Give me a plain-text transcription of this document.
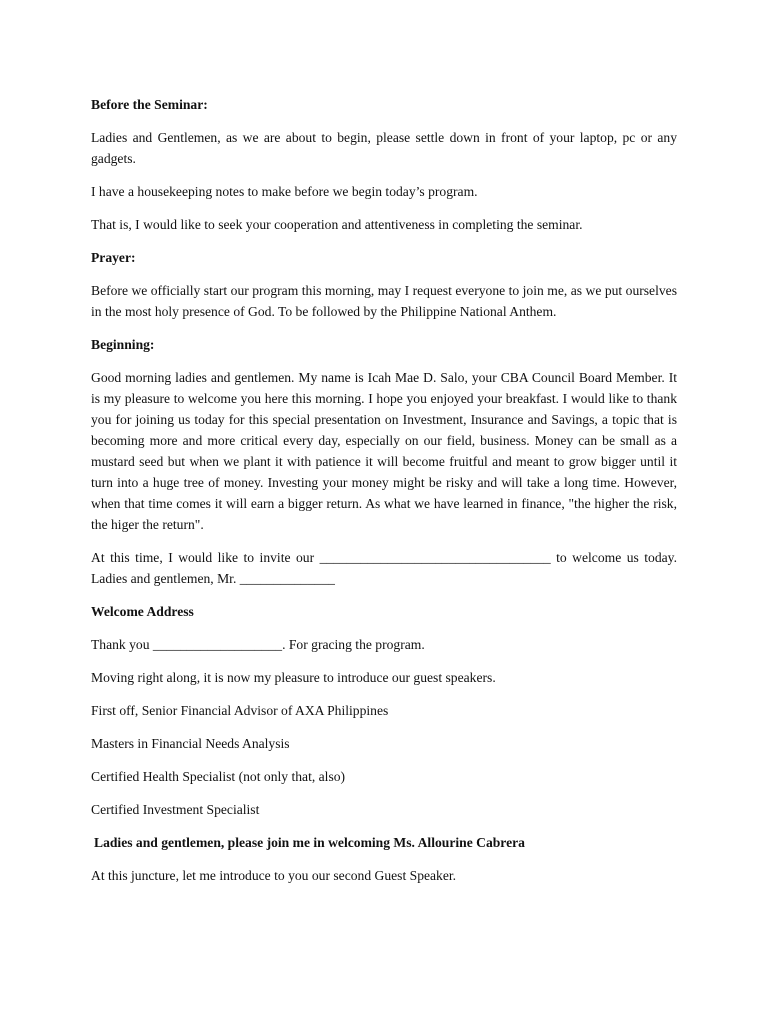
Before the Seminar:

Ladies and Gentlemen, as we are about to begin, please settle down in front of your laptop, pc or any gadgets.

I have a housekeeping notes to make before we begin today’s program.

That is, I would like to seek your cooperation and attentiveness in completing the seminar.

Prayer:

Before we officially start our program this morning, may I request everyone to join me, as we put ourselves in the most holy presence of God. To be followed by the Philippine National Anthem.

Beginning:

Good morning ladies and gentlemen. My name is Icah Mae D. Salo, your CBA Council Board Member. It is my pleasure to welcome you here this morning. I hope you enjoyed your breakfast. I would like to thank you for joining us today for this special presentation on Investment, Insurance and Savings, a topic that is becoming more and more critical every day, especially on our field, business. Money can be small as a mustard seed but when we plant it with patience it will become fruitful and meant to grow bigger until it turn into a huge tree of money. Investing your money might be risky and will take a long time. However, when that time comes it will earn a bigger return. As what we have learned in finance, "the higher the risk, the higer the return".

At this time, I would like to invite our __________________________________ to welcome us today. Ladies and gentlemen, Mr. ______________

Welcome Address

Thank you ___________________. For gracing the program.

Moving right along, it is now my pleasure to introduce our guest speakers.

First off, Senior Financial Advisor of AXA Philippines

Masters in Financial Needs Analysis

Certified Health Specialist (not only that, also)

Certified Investment Specialist

Ladies and gentlemen, please join me in welcoming Ms. Allourine Cabrera

At this juncture, let me introduce to you our second Guest Speaker.
